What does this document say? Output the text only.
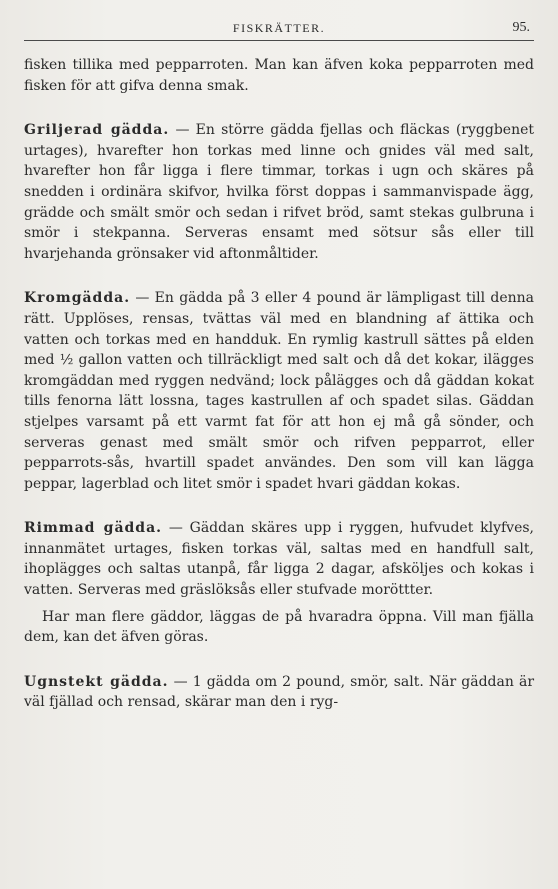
FISKRÄTTER.	95.

fisken tillika med pepparroten. Man kan äfven koka pepparroten med fisken för att gifva denna smak.

Griljerad gädda. — En större gädda fjellas och fläckas (ryggbenet urtages), hvarefter hon torkas med linne och gnides väl med salt, hvarefter hon får ligga i flere timmar, torkas i ugn och skäres på snedden i ordinära skifvor, hvilka först doppas i sammanvispade ägg, grädde och smält smör och sedan i rifvet bröd, samt stekas gulbruna i smör i stekpanna. Serveras ensamt med sötsur sås eller till hvarjehanda grönsaker vid aftonmåltider.

Kromgädda. — En gädda på 3 eller 4 pound är lämpligast till denna rätt. Upplöses, rensas, tvättas väl med en blandning af ättika och vatten och torkas med en handduk. En rymlig kastrull sättes på elden med ½ gallon vatten och tillräckligt med salt och då det kokar, ilägges kromgäddan med ryggen nedvänd; lock pålägges och då gäddan kokat tills fenorna lätt lossna, tages kastrullen af och spadet silas. Gäddan stjelpes varsamt på ett varmt fat för att hon ej må gå sönder, och serveras genast med smält smör och rifven pepparrot, eller pepparrots-sås, hvartill spadet användes. Den som vill kan lägga peppar, lagerblad och litet smör i spadet hvari gäddan kokas.

Rimmad gädda. — Gäddan skäres upp i ryggen, hufvudet klyfves, innanmätet urtages, fisken torkas väl, saltas med en handfull salt, ihoplägges och saltas utanpå, får ligga 2 dagar, afsköljes och kokas i vatten. Serveras med gräslöksås eller stufvade moröttter.

Har man flere gäddor, läggas de på hvaradra öppna. Vill man fjälla dem, kan det äfven göras.

Ugnstekt gädda. — 1 gädda om 2 pound, smör, salt. När gäddan är väl fjällad och rensad, skärar man den i ryg-
